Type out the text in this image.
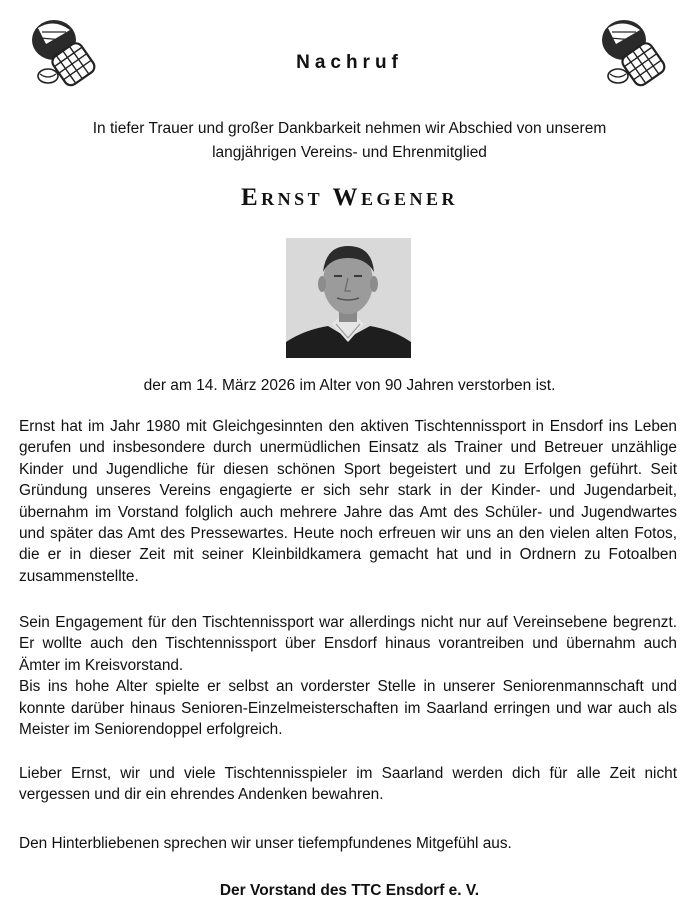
Nachruf
In tiefer Trauer und großer Dankbarkeit nehmen wir Abschied von unserem
langjährigen Vereins- und Ehrenmitglied
Ernst Wegener
der am 14. März 2026 im Alter von 90 Jahren verstorben ist.
Ernst hat im Jahr 1980 mit Gleichgesinnten den aktiven Tischtennissport in Ensdorf ins Leben gerufen und insbesondere durch unermüdlichen Einsatz als Trainer und Betreuer unzählige Kinder und Jugendliche für diesen schönen Sport begeistert und zu Erfolgen geführt. Seit Gründung unseres Vereins engagierte er sich sehr stark in der Kinder- und Jugendarbeit, übernahm im Vorstand folglich auch mehrere Jahre das Amt des Schüler- und Jugendwartes und später das Amt des Pressewartes. Heute noch erfreuen wir uns an den vielen alten Fotos, die er in dieser Zeit mit seiner Kleinbildkamera gemacht hat und in Ordnern zu Fotoalben zusammenstellte.
Sein Engagement für den Tischtennissport war allerdings nicht nur auf Vereinsebene begrenzt. Er wollte auch den Tischtennissport über Ensdorf hinaus vorantreiben und übernahm auch Ämter im Kreisvorstand.
Bis ins hohe Alter spielte er selbst an vorderster Stelle in unserer Seniorenmannschaft und konnte darüber hinaus Senioren-Einzelmeisterschaften im Saarland erringen und war auch als Meister im Seniorendoppel erfolgreich.
Lieber Ernst, wir und viele Tischtennisspieler im Saarland werden dich für alle Zeit nicht vergessen und dir ein ehrendes Andenken bewahren.
Den Hinterbliebenen sprechen wir unser tiefempfundenes Mitgefühl aus.
Der Vorstand des TTC Ensdorf e. V.
